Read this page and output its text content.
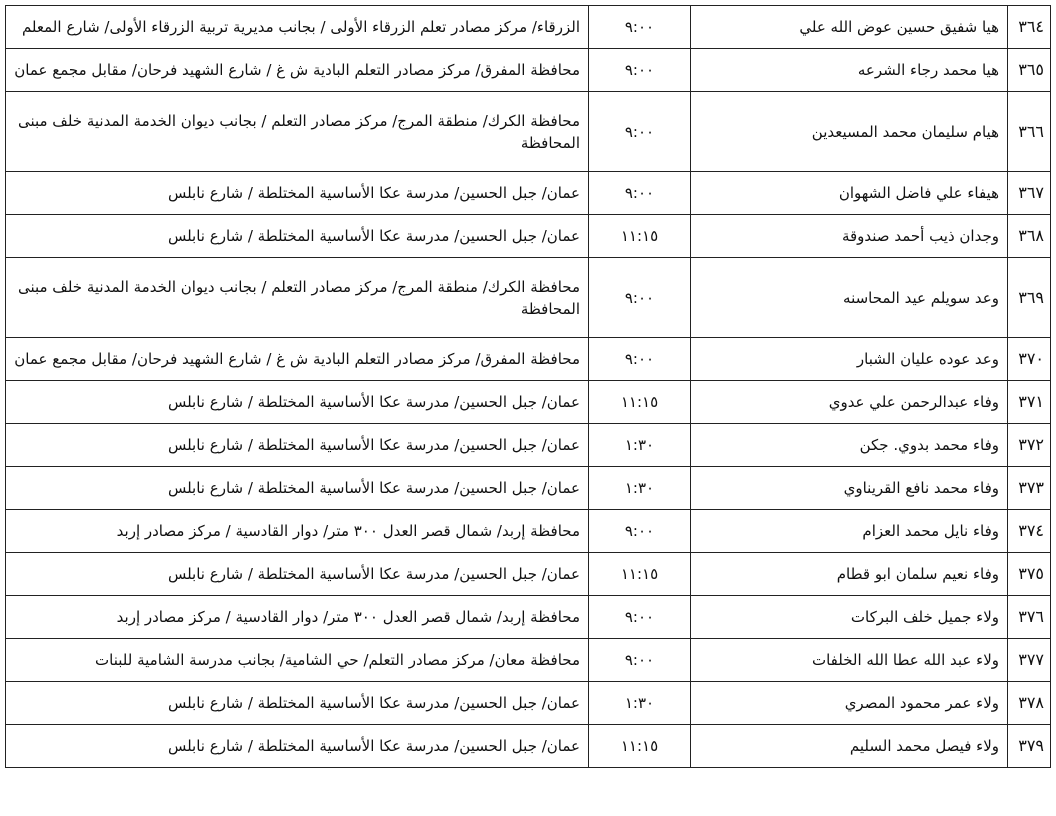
٣٦٤	هيا شفيق حسين عوض الله علي	٩:٠٠	الزرقاء/ مركز مصادر تعلم الزرقاء الأولى / بجانب مديرية تربية الزرقاء الأولى/ شارع المعلم
٣٦٥	هيا محمد رجاء الشرعه	٩:٠٠	محافظة المفرق/ مركز مصادر التعلم البادية ش غ / شارع الشهيد فرحان/ مقابل مجمع عمان
٣٦٦	هيام سليمان محمد المسيعدين	٩:٠٠	محافظة الكرك/ منطقة المرج/ مركز مصادر التعلم / بجانب ديوان الخدمة المدنية خلف مبنى المحافظة
٣٦٧	هيفاء علي فاضل الشهوان	٩:٠٠	عمان/ جبل الحسين/ مدرسة عكا الأساسية المختلطة / شارع نابلس
٣٦٨	وجدان ذيب أحمد صندوقة	١١:١٥	عمان/ جبل الحسين/ مدرسة عكا الأساسية المختلطة / شارع نابلس
٣٦٩	وعد سويلم عيد المحاسنه	٩:٠٠	محافظة الكرك/ منطقة المرج/ مركز مصادر التعلم / بجانب ديوان الخدمة المدنية خلف مبنى المحافظة
٣٧٠	وعد عوده عليان الشبار	٩:٠٠	محافظة المفرق/ مركز مصادر التعلم البادية ش غ / شارع الشهيد فرحان/ مقابل مجمع عمان
٣٧١	وفاء عبدالرحمن علي عدوي	١١:١٥	عمان/ جبل الحسين/ مدرسة عكا الأساسية المختلطة / شارع نابلس
٣٧٢	وفاء محمد بدوي. جكن	١:٣٠	عمان/ جبل الحسين/ مدرسة عكا الأساسية المختلطة / شارع نابلس
٣٧٣	وفاء محمد نافع القريناوي	١:٣٠	عمان/ جبل الحسين/ مدرسة عكا الأساسية المختلطة / شارع نابلس
٣٧٤	وفاء نايل محمد العزام	٩:٠٠	محافظة إربد/ شمال قصر العدل ٣٠٠ متر/ دوار القادسية / مركز مصادر إربد
٣٧٥	وفاء نعيم سلمان ابو قطام	١١:١٥	عمان/ جبل الحسين/ مدرسة عكا الأساسية المختلطة / شارع نابلس
٣٧٦	ولاء جميل خلف البركات	٩:٠٠	محافظة إربد/ شمال قصر العدل ٣٠٠ متر/ دوار القادسية / مركز مصادر إربد
٣٧٧	ولاء عبد الله عطا الله الخلفات	٩:٠٠	محافظة معان/ مركز مصادر التعلم/ حي الشامية/ بجانب مدرسة الشامية للبنات
٣٧٨	ولاء عمر محمود المصري	١:٣٠	عمان/ جبل الحسين/ مدرسة عكا الأساسية المختلطة / شارع نابلس
٣٧٩	ولاء فيصل محمد السليم	١١:١٥	عمان/ جبل الحسين/ مدرسة عكا الأساسية المختلطة / شارع نابلس
